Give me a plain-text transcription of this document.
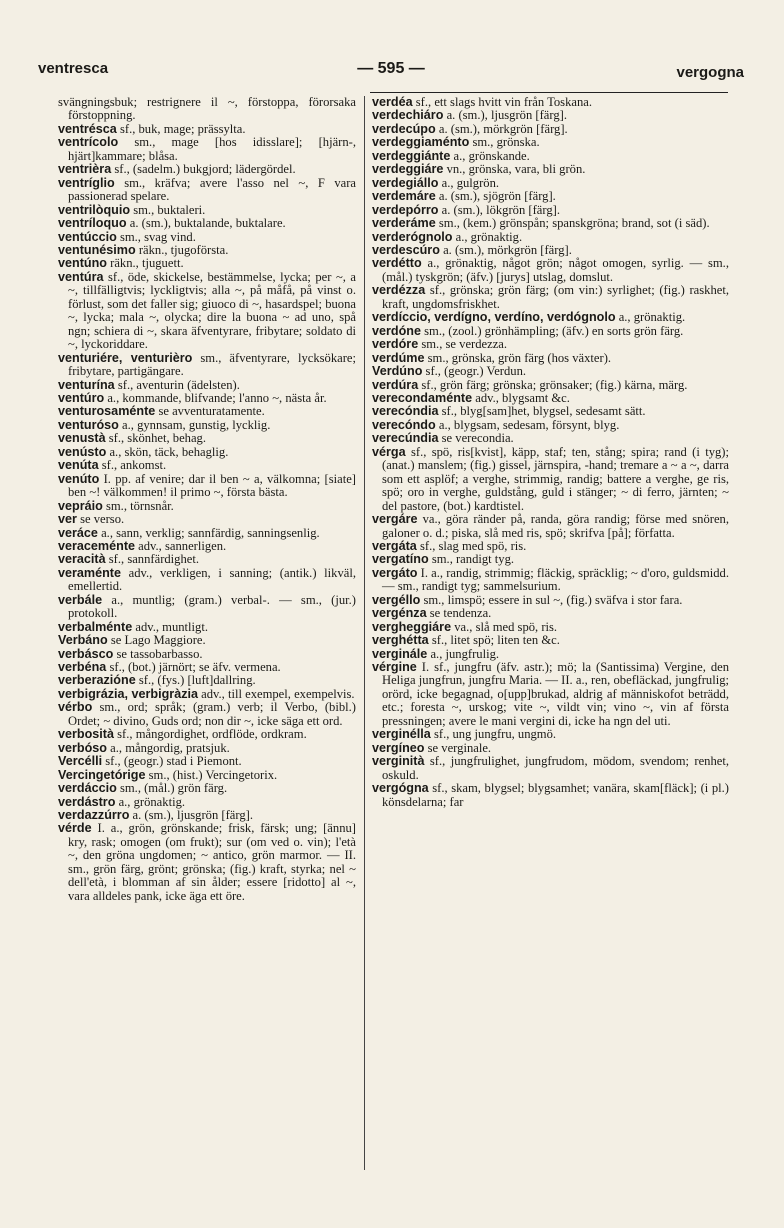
ventresca	— 595 —	vergogna
svängningsbuk; restrignere il ~, förstoppa, förorsaka förstoppning.
ventrésca sf., buk, mage; prässylta.
ventrícolo sm., mage [hos idisslare]; [hjärn-, hjärt]kammare; blåsa.
ventrièra sf., (sadelm.) bukgjord; lädergördel.
ventríglio sm., kräfva; avere l'asso nel ~, F vara passionerad spelare.
ventrilòquio sm., buktaleri.
ventrílоquo a. (sm.), buktalande, buktalare.
ventúccio sm., svag vind.
ventunésimo räkn., tjugoförsta.
ventúno räkn., tjuguett.
ventúra sf., öde, skickelse, bestämmelse, lycka; per ~, a ~, tillfälligtvis; lyckligtvis; alla ~, på måfå, på vinst o. förlust, som det faller sig; giuoco di ~, hasardspel; buona ~, lycka; mala ~, olycka; dire la buona ~ ad uno, spå ngn; schiera di ~, skara äfventyrare, fribytare; soldato di ~, lyckoriddare.
venturiére, venturièro sm., äfventyrare, lycksökare; fribytare, partigängare.
venturína sf., aventurin (ädelsten).
ventúro a., kommande, blifvande; l'anno ~, nästa år.
venturosaménte se avventuratamente.
venturóso a., gynnsam, gunstig, lycklig.
venustà sf., skönhet, behag.
venústo a., skön, täck, behaglig.
venúta sf., ankomst.
venúto I. pp. af venire; dar il ben ~ a, välkomna; [siate] ben ~! välkommen! il primo ~, första bästa.
vepráio sm., törnsnår.
ver se verso.
veráce a., sann, verklig; sannfärdig, sanningsenlig.
veraceménte adv., sannerligen.
veracità sf., sannfärdighet.
veraménte adv., verkligen, i sanning; (antik.) likväl, emellertid.
verbále a., muntlig; (gram.) verbal-. — sm., (jur.) protokoll.
verbalménte adv., muntligt.
Verbáno se Lago Maggiore.
verbásco se tassobarbasso.
verbéna sf., (bot.) järnört; se äfv. vermena.
verberazióne sf., (fys.) [luft]dallring.
verbigrázia, verbigràzia adv., till exempel, exempelvis.
vérbo sm., ord; språk; (gram.) verb; il Verbo, (bibl.) Ordet; ~ divino, Guds ord; non dir ~, icke säga ett ord.
verbosità sf., mångordighet, ordflöde, ordkram.
verbóso a., mångordig, pratsjuk.
Vercélli sf., (geogr.) stad i Piemont.
Vercingetórige sm., (hist.) Vercingetorix.
verdáccio sm., (mål.) grön färg.
verdástro a., grönaktig.
verdazzúrro a. (sm.), ljusgrön [färg].
vérde I. a., grön, grönskande; frisk, färsk; ung; [ännu] kry, rask; omogen (om frukt); sur (om ved o. vin); l'età ~, den gröna ungdomen; ~ antico, grön marmor. — II. sm., grön färg, grönt; grönska; (fig.) kraft, styrka; nel ~ dell'età, i blomman af sin ålder; essere [ridotto] al ~, vara alldeles pank, icke äga ett öre.
verdéa sf., ett slags hvitt vin från Toskana.
verdechiáro a. (sm.), ljusgrön [färg].
verdecúpo a. (sm.), mörkgrön [färg].
verdeggiaménto sm., grönska.
verdeggiánte a., grönskande.
verdeggiáre vn., grönska, vara, bli grön.
verdegiállo a., gulgrön.
verdemáre a. (sm.), sjögrön [färg].
verdepórro a. (sm.), lökgrön [färg].
verderáme sm., (kem.) grönspån; spanskgröna; brand, sot (i säd).
verderógnolo a., grönaktig.
verdescúro a. (sm.), mörkgrön [färg].
verdétto a., grönaktig, något grön; något omogen, syrlig. — sm., (mål.) tyskgrön; (äfv.) [jurys] utslag, domslut.
verdézza sf., grönska; grön färg; (om vin:) syrlighet; (fig.) raskhet, kraft, ungdomsfriskhet.
verdíccio, verdígno, verdíno, verdógnolo a., grönaktig.
verdóne sm., (zool.) grönhämpling; (äfv.) en sorts grön färg.
verdóre sm., se verdezza.
verdúme sm., grönska, grön färg (hos växter).
Verdúno sf., (geogr.) Verdun.
verdúra sf., grön färg; grönska; grönsaker; (fig.) kärna, märg.
verecondaménte adv., blygsamt &c.
verecóndia sf., blyg[sam]het, blygsel, sedesamt sätt.
verecóndo a., blygsam, sedesam, försynt, blyg.
verecúndia se verecondia.
vérga sf., spö, ris[kvist], käpp, staf; ten, stång; spira; rand (i tyg); (anat.) manslem; (fig.) gissel, järnspira, -hand; tremare a ~ a ~, darra som ett asplöf; a verghe, strimmig, randig; battere a verghe, ge ris, spö; oro in verghe, guldstång, guld i stänger; ~ di ferro, järnten; ~ del pastore, (bot.) kardtistel.
vergáre va., göra ränder på, randa, göra randig; förse med snören, galoner o. d.; piska, slå med ris, spö; skrifva [på]; författa.
vergáta sf., slag med spö, ris.
vergatíno sm., randigt tyg.
vergáto I. a., randig, strimmig; fläckig, spräcklig; ~ d'oro, guldsmidd. — sm., randigt tyg; sammelsurium.
vergéllo sm., limspö; essere in sul ~, (fig.) sväfva i stor fara.
vergénza se tendenza.
vergheggiáre va., slå med spö, ris.
verghétta sf., litet spö; liten ten &c.
verginále a., jungfrulig.
vérgine I. sf., jungfru (äfv. astr.); mö; la (Santissima) Vergine, den Heliga jungfrun, jungfru Maria. — II. a., ren, obefläckad, jungfrulig; orörd, icke begagnad, o[upp]brukad, aldrig af människofot beträdd, etc.; foresta ~, urskog; vite ~, vildt vin; vino ~, vin af första pressningen; avere le mani vergini di, icke ha ngn del uti.
verginélla sf., ung jungfru, ungmö.
vergíneo se verginale.
verginità sf., jungfrulighet, jungfrudom, mödom, svendom; renhet, oskuld.
vergógna sf., skam, blygsel; blygsamhet; vanära, skam[fläck]; (i pl.) könsdelarna; far
